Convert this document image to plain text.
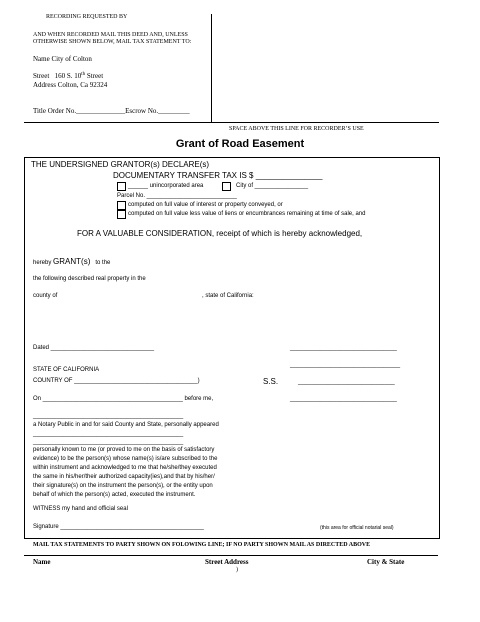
RECORDING REQUESTED BY
AND WHEN RECORDED MAIL THIS DEED AND, UNLESS
OTHERWISE SHOWN BELOW, MAIL TAX STATEMENT TO:
Name City of Colton
Street 160 S. 10th Street
Address Colton, Ca 92324
Title Order No.______________Escrow No._________
SPACE ABOVE THIS LINE FOR RECORDER’S USE
Grant of Road Easement
THE UNDERSIGNED GRANTOR(s) DECLARE(s)
DOCUMENTARY TRANSFER TAX IS $ _______________
______ unincorporated area	City of ________________
Parcel No. ___________________________
computed on full value of interest or property conveyed, or
computed on full value less value of liens or encumbrances remaining at time of sale, and
FOR A VALUABLE CONSIDERATION, receipt of which is hereby acknowledged,
hereby GRANT(s) to the
the following described real property in the
county of	, state of California:
Dated _______________________________	________________________________
_________________________________
STATE OF CALIFORNIA
COUNTRY OF _____________________________________)	S.S.	_____________________________
On __________________________________________ before me,	________________________________
_____________________________________________
a Notary Public in and for said County and State, personally appeared
_____________________________________________
_____________________________________________
personally known to me (or proved to me on the basis of satisfactory
evidence) to be the person(s) whose name(s) is/are subscribed to the
within instrument and acknowledged to me that he/she/they executed
the same in his/her/their authorized capacity(ies),and that by his/her/
their signature(s) on the instrument the person(s), or the entity upon
behalf of which the person(s) acted, executed the instrument.
WITNESS my hand and official seal
Signature ___________________________________________	(this area for official notarial seal)
MAIL TAX STATEMENTS TO PARTY SHOWN ON FOLOWING LINE; IF NO PARTY SHOWN MAIL AS DIRECTED ABOVE
Name	Street Address	City & State
)
